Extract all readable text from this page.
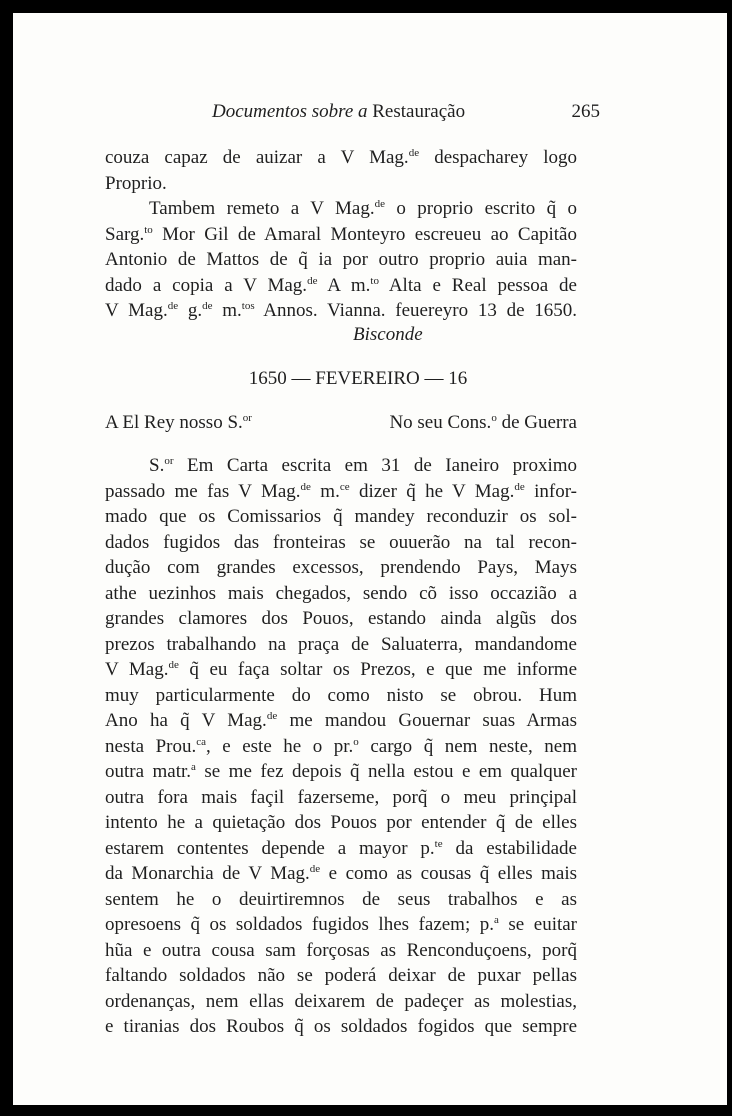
Documentos sobre a Restauração	265
couza capaz de auizar a V Mag.$^{de}$ despacharey logo
Proprio.
Tambem remeto a V Mag.$^{de}$ o proprio escrito q̃ o
Sarg.$^{to}$ Mor Gil de Amaral Monteyro escreueu ao Capitão
Antonio de Mattos de q̃ ia por outro proprio auia man-
dado a copia a V Mag.$^{de}$ A m.$^{to}$ Alta e Real pessoa de
V Mag.$^{de}$ g.$^{de}$ m.$^{tos}$ Annos. Vianna. feuereyro 13 de 1650.
Bisconde
1650 — FEVEREIRO — 16
A El Rey nosso S.$^{or}$	No seu Cons.$^o$ de Guerra
S.$^{or}$ Em Carta escrita em 31 de Ianeiro proximo
passado me fas V Mag.$^{de}$ m.$^{ce}$ dizer q̃ he V Mag.$^{de}$ infor-
mado que os Comissarios q̃ mandey reconduzir os sol-
dados fugidos das fronteiras se ouuerão na tal recon-
dução com grandes excessos, prendendo Pays, Mays
athe uezinhos mais chegados, sendo cõ isso occazião a
grandes clamores dos Pouos, estando ainda algũs dos
prezos trabalhando na praça de Saluaterra, mandandome
V Mag.$^{de}$ q̃ eu faça soltar os Prezos, e que me informe
muy particularmente do como nisto se obrou. Hum
Ano ha q̃ V Mag.$^{de}$ me mandou Gouernar suas Armas
nesta Prou.$^{ca}$, e este he o pr.$^o$ cargo q̃ nem neste, nem
outra matr.$^a$ se me fez depois q̃ nella estou e em qualquer
outra fora mais façil fazerseme, porq̃ o meu prinçipal
intento he a quietação dos Pouos por entender q̃ de elles
estarem contentes depende a mayor p.$^{te}$ da estabilidade
da Monarchia de V Mag.$^{de}$ e como as cousas q̃ elles mais
sentem he o deuirtiremnos de seus trabalhos e as
opresoens q̃ os soldados fugidos lhes fazem; p.$^a$ se euitar
hũa e outra cousa sam forçosas as Renconduçoens, porq̃
faltando soldados não se poderá deixar de puxar pellas
ordenanças, nem ellas deixarem de padeçer as molestias,
e tiranias dos Roubos q̃ os soldados fogidos que sempre
